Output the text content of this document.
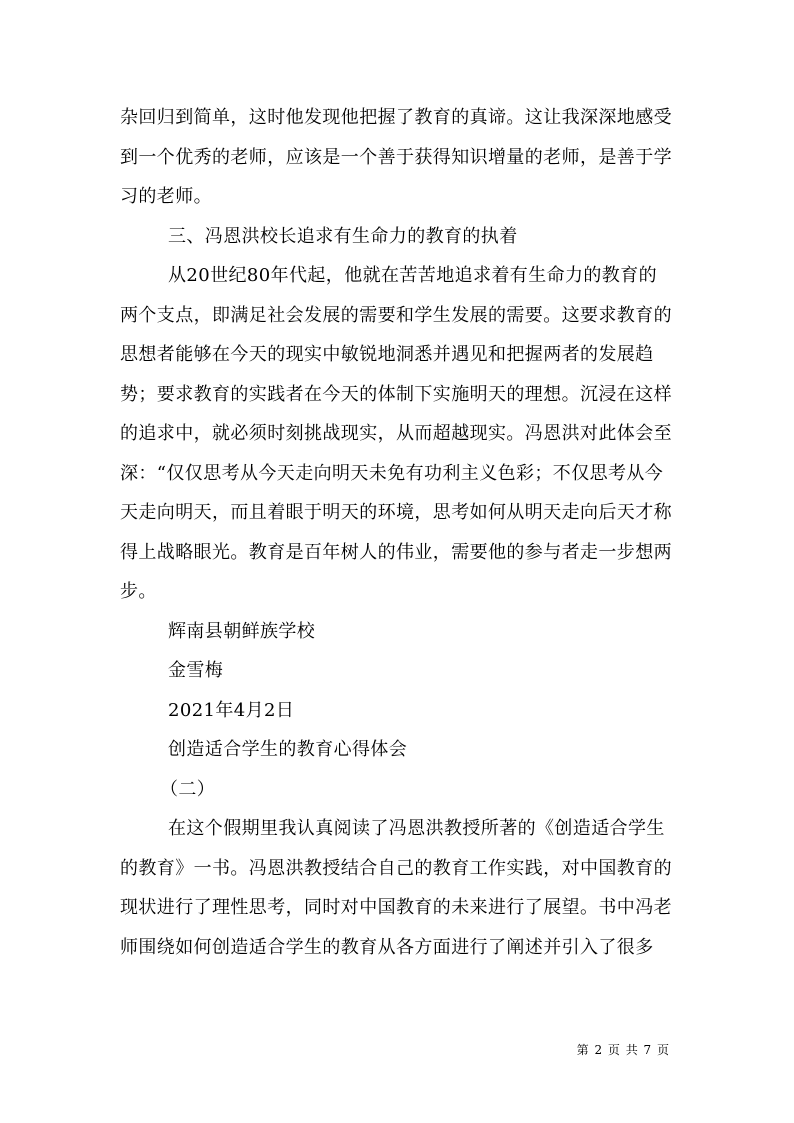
杂回归到简单，这时他发现他把握了教育的真谛。这让我深深地感受
到一个优秀的老师，应该是一个善于获得知识增量的老师，是善于学
习的老师。
三、冯恩洪校长追求有生命力的教育的执着
从20世纪80年代起，他就在苦苦地追求着有生命力的教育的
两个支点，即满足社会发展的需要和学生发展的需要。这要求教育的
思想者能够在今天的现实中敏锐地洞悉并遇见和把握两者的发展趋
势；要求教育的实践者在今天的体制下实施明天的理想。沉浸在这样
的追求中，就必须时刻挑战现实，从而超越现实。冯恩洪对此体会至
深：“仅仅思考从今天走向明天未免有功利主义色彩；不仅思考从今
天走向明天，而且着眼于明天的环境，思考如何从明天走向后天才称
得上战略眼光。教育是百年树人的伟业，需要他的参与者走一步想两
步。
辉南县朝鲜族学校
金雪梅
2021年4月2日
创造适合学生的教育心得体会
（二）
在这个假期里我认真阅读了冯恩洪教授所著的《创造适合学生
的教育》一书。冯恩洪教授结合自己的教育工作实践，对中国教育的
现状进行了理性思考，同时对中国教育的未来进行了展望。书中冯老
师围绕如何创造适合学生的教育从各方面进行了阐述并引入了很多
第 2 页 共 7 页
